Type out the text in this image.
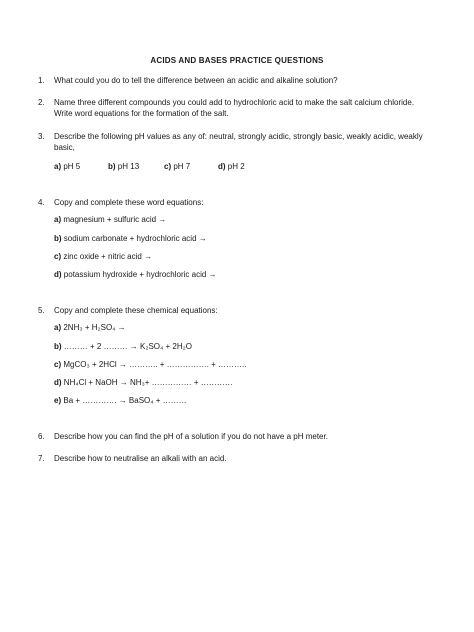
ACIDS AND BASES PRACTICE QUESTIONS
1. What could you do to tell the difference between an acidic and alkaline solution?
2. Name three different compounds you could add to hydrochloric acid to make the salt calcium chloride.
Write word equations for the formation of the salt.
3. Describe the following pH values as any of: neutral, strongly acidic, strongly basic, weakly acidic, weakly
basic,
a) pH 5	b) pH 13	c) pH 7	d) pH 2
4. Copy and complete these word equations:
a) magnesium + sulfuric acid →
b) sodium carbonate + hydrochloric acid →
c) zinc oxide + nitric acid →
d) potassium hydroxide + hydrochloric acid →
5. Copy and complete these chemical equations:
a) 2NH₃ + H₂SO₄ →
b) ……… + 2 ……… → K₂SO₄ + 2H₂O
c) MgCO₃ + 2HCl → ……….. + ……………. + ………..
d) NH₄Cl + NaOH → NH₃+ …………… + …………
e) Ba + …………. → BaSO₄ + ………
6. Describe how you can find the pH of a solution if you do not have a pH meter.
7. Describe how to neutralise an alkali with an acid.
